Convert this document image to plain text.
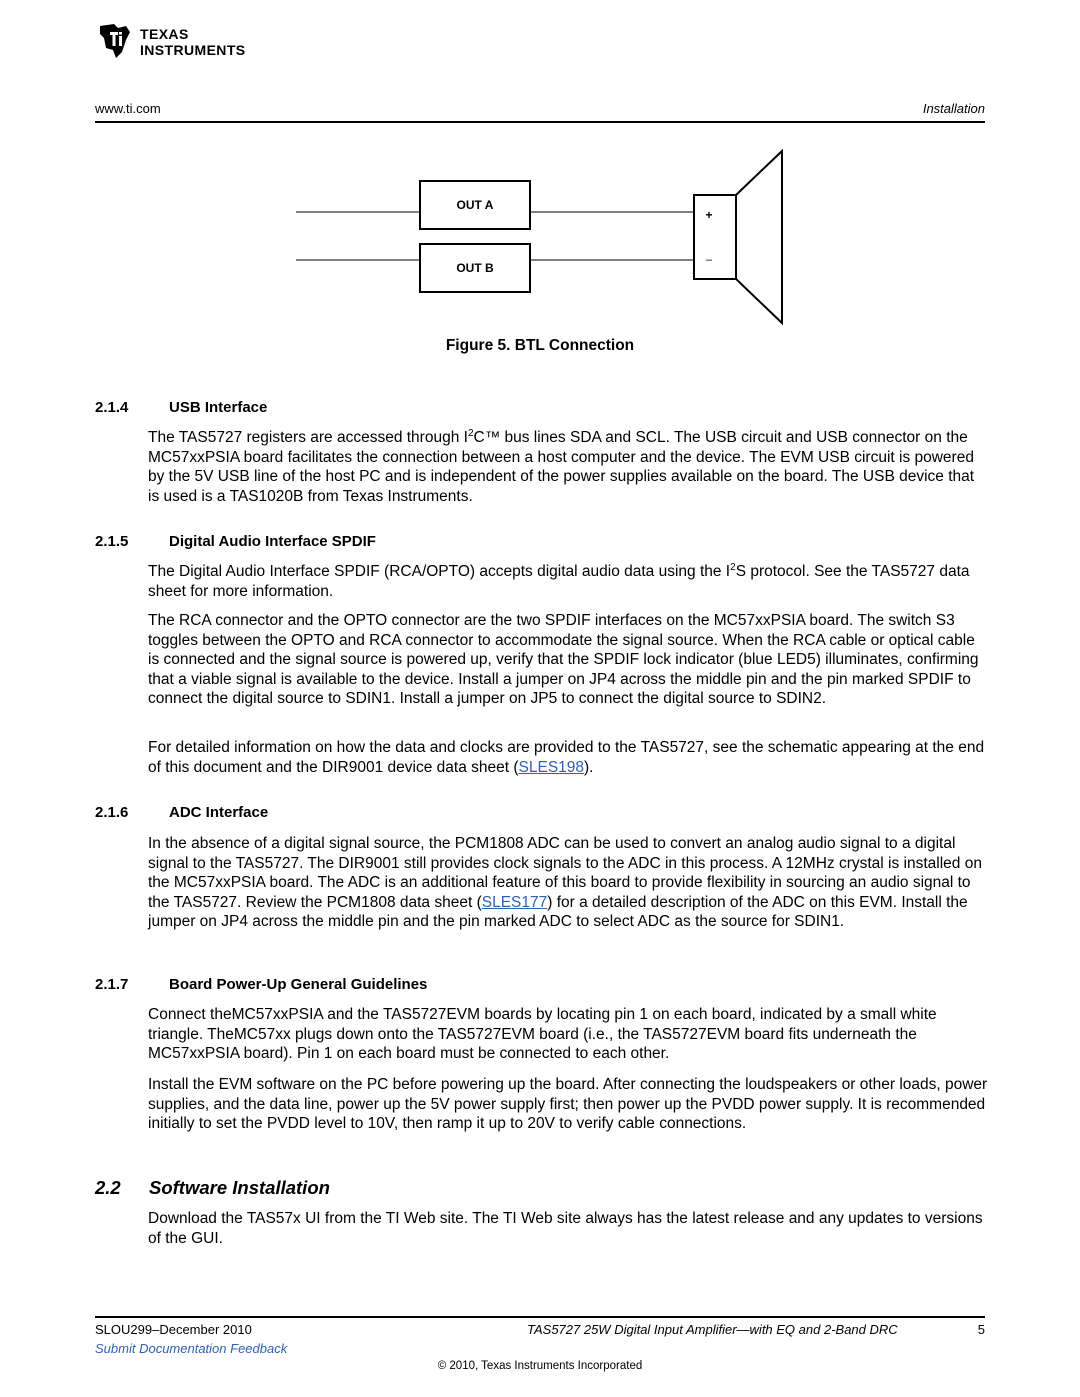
TEXAS
INSTRUMENTS
www.ti.com	Installation
OUT A
OUT B
+
–
Figure 5. BTL Connection
2.1.4	USB Interface
The TAS5727 registers are accessed through $I^2C™$ bus lines SDA and SCL. The USB circuit and USB connector on the MC57xxPSIA board facilitates the connection between a host computer and the device. The EVM USB circuit is powered by the 5V USB line of the host PC and is independent of the power supplies available on the board. The USB device that is used is a TAS1020B from Texas Instruments.
2.1.5	Digital Audio Interface SPDIF
The Digital Audio Interface SPDIF (RCA/OPTO) accepts digital audio data using the $I^2S$ protocol. See the TAS5727 data sheet for more information.
The RCA connector and the OPTO connector are the two SPDIF interfaces on the MC57xxPSIA board. The switch S3 toggles between the OPTO and RCA connector to accommodate the signal source. When the RCA cable or optical cable is connected and the signal source is powered up, verify that the SPDIF lock indicator (blue LED5) illuminates, confirming that a viable signal is available to the device. Install a jumper on JP4 across the middle pin and the pin marked SPDIF to connect the digital source to SDIN1. Install a jumper on JP5 to connect the digital source to SDIN2.
For detailed information on how the data and clocks are provided to the TAS5727, see the schematic appearing at the end of this document and the DIR9001 device data sheet (SLES198).
2.1.6	ADC Interface
In the absence of a digital signal source, the PCM1808 ADC can be used to convert an analog audio signal to a digital signal to the TAS5727. The DIR9001 still provides clock signals to the ADC in this process. A 12MHz crystal is installed on the MC57xxPSIA board. The ADC is an additional feature of this board to provide flexibility in sourcing an audio signal to the TAS5727. Review the PCM1808 data sheet (SLES177) for a detailed description of the ADC on this EVM. Install the jumper on JP4 across the middle pin and the pin marked ADC to select ADC as the source for SDIN1.
2.1.7	Board Power-Up General Guidelines
Connect theMC57xxPSIA and the TAS5727EVM boards by locating pin 1 on each board, indicated by a small white triangle. TheMC57xx plugs down onto the TAS5727EVM board (i.e., the TAS5727EVM board fits underneath the MC57xxPSIA board). Pin 1 on each board must be connected to each other.
Install the EVM software on the PC before powering up the board. After connecting the loudspeakers or other loads, power supplies, and the data line, power up the 5V power supply first; then power up the PVDD power supply. It is recommended initially to set the PVDD level to 10V, then ramp it up to 20V to verify cable connections.
2.2 Software Installation
Download the TAS57x UI from the TI Web site. The TI Web site always has the latest release and any updates to versions of the GUI.
SLOU299–December 2010	TAS5727 25W Digital Input Amplifier—with EQ and 2-Band DRC	5
Submit Documentation Feedback
© 2010, Texas Instruments Incorporated
